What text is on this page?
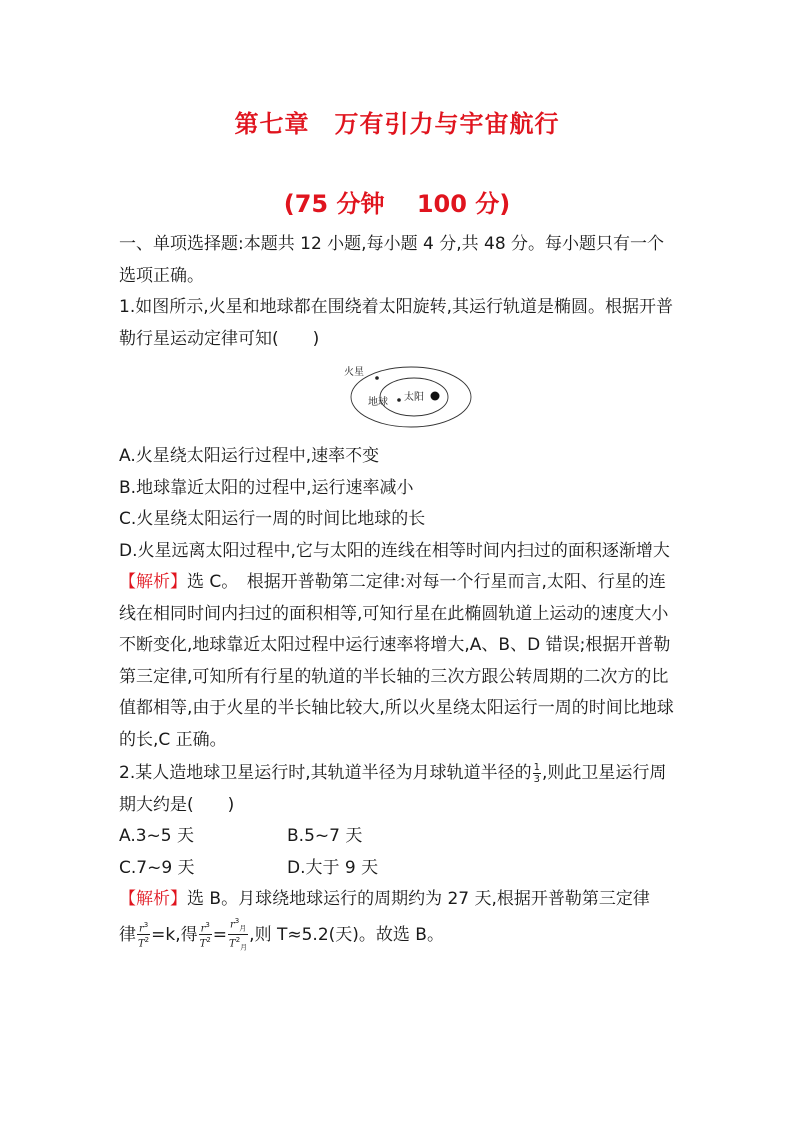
第七章　万有引力与宇宙航行
(75 分钟　 100 分)

一、单项选择题:本题共 12 小题,每小题 4 分,共 48 分。每小题只有一个选项正确。

1.如图所示,火星和地球都在围绕着太阳旋转,其运行轨道是椭圆。根据开普勒行星运动定律可知(　　)

火星
地球 太阳

A.火星绕太阳运行过程中,速率不变

B.地球靠近太阳的过程中,运行速率减小

C.火星绕太阳运行一周的时间比地球的长

D.火星远离太阳过程中,它与太阳的连线在相等时间内扫过的面积逐渐增大

【解析】选 C。　根据开普勒第二定律:对每一个行星而言,太阳、行星的连线在相同时间内扫过的面积相等,可知行星在此椭圆轨道上运动的速度大小不断变化,地球靠近太阳过程中运行速率将增大,A、B、D 错误;根据开普勒第三定律,可知所有行星的轨道的半长轴的三次方跟公转周期的二次方的比值都相等,由于火星的半长轴比较大,所以火星绕太阳运行一周的时间比地球的长,C 正确。

2.某人造地球卫星运行时,其轨道半径为月球轨道半径的 $\frac{1}{3}$ ,则此卫星运行周期大约是(　　)

A.3~5 天	B.5~7 天
C.7~9 天	D.大于 9 天

【解析】选 B。月球绕地球运行的周期约为 27 天,根据开普勒第三定律

律 $\frac{r^3}{T^2} =k$,得 $\frac{r^3}{T^2} = \frac{r^3_月}{T^2_月}$ ,则 T≈5.2(天)。故选 B。
